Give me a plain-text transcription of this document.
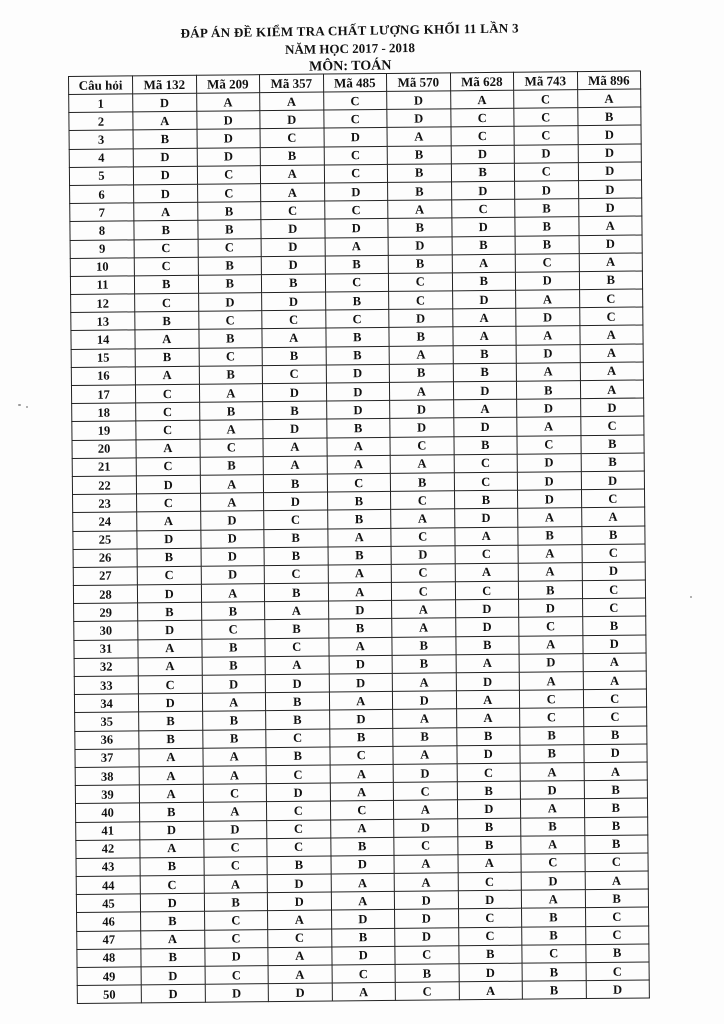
ĐÁP ÁN ĐỀ KIỂM TRA CHẤT LƯỢNG KHỐI 11 LẦN 3
NĂM HỌC 2017 - 2018
MÔN: TOÁN
Câu hỏi	Mã 132	Mã 209	Mã 357	Mã 485	Mã 570	Mã 628	Mã 743	Mã 896
1	D	A	A	C	D	A	C	A
2	A	D	D	C	D	C	C	B
3	B	D	C	D	A	C	C	D
4	D	D	B	C	B	D	D	D
5	D	C	A	C	B	B	C	D
6	D	C	A	D	B	D	D	D
7	A	B	C	C	A	C	B	D
8	B	B	D	D	B	D	B	A
9	C	C	D	A	D	B	B	D
10	C	B	D	B	B	A	C	A
11	B	B	B	C	C	B	D	B
12	C	D	D	B	C	D	A	C
13	B	C	C	C	D	A	D	C
14	A	B	A	B	B	A	A	A
15	B	C	B	B	A	B	D	A
16	A	B	C	D	B	B	A	A
17	C	A	D	D	A	D	B	A
18	C	B	B	D	D	A	D	D
19	C	A	D	B	D	D	A	C
20	A	C	A	A	C	B	C	B
21	C	B	A	A	A	C	D	B
22	D	A	B	C	B	C	D	D
23	C	A	D	B	C	B	D	C
24	A	D	C	B	A	D	A	A
25	D	D	B	A	C	A	B	B
26	B	D	B	B	D	C	A	C
27	C	D	C	A	C	A	A	D
28	D	A	B	A	C	C	B	C
29	B	B	A	D	A	D	D	C
30	D	C	B	B	A	D	C	B
31	A	B	C	A	B	B	A	D
32	A	B	A	D	B	A	D	A
33	C	D	D	D	A	D	A	A
34	D	A	B	A	D	A	C	C
35	B	B	B	D	A	A	C	C
36	B	B	C	B	B	B	B	B
37	A	A	B	C	A	D	B	D
38	A	A	C	A	D	C	A	A
39	A	C	D	A	C	B	D	B
40	B	A	C	C	A	D	A	B
41	D	D	C	A	D	B	B	B
42	A	C	C	B	C	B	A	B
43	B	C	B	D	A	A	C	C
44	C	A	D	A	A	C	D	A
45	D	B	D	A	D	D	A	B
46	B	C	A	D	D	C	B	C
47	A	C	C	B	D	C	B	C
48	B	D	A	D	C	B	C	B
49	D	C	A	C	B	D	B	C
50	D	D	D	A	C	A	B	D
